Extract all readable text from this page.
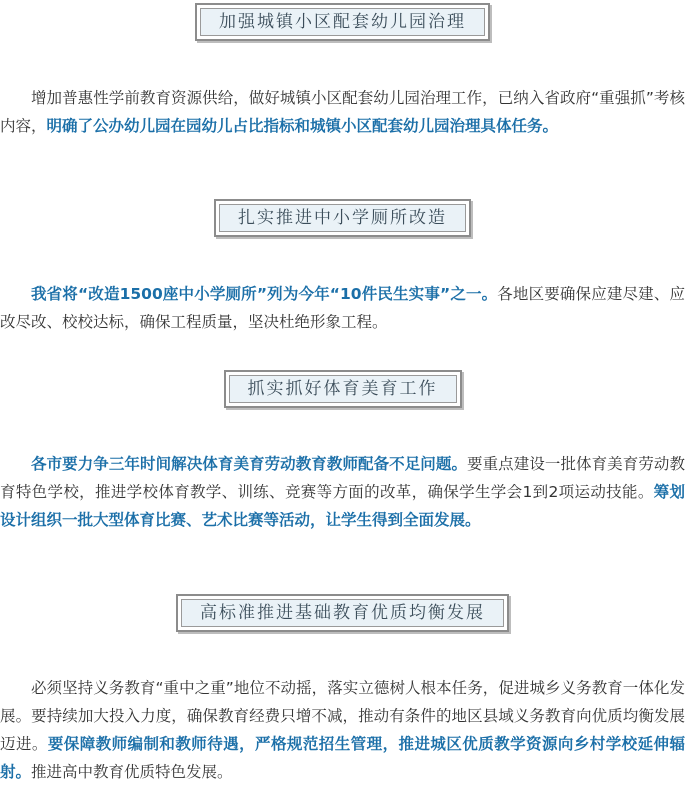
加强城镇小区配套幼儿园治理

增加普惠性学前教育资源供给，做好城镇小区配套幼儿园治理工作，已纳入省政府“重强抓”考核内容，明确了公办幼儿园在园幼儿占比指标和城镇小区配套幼儿园治理具体任务。

扎实推进中小学厕所改造

我省将“改造1500座中小学厕所”列为今年“10件民生实事”之一。各地区要确保应建尽建、应改尽改、校校达标，确保工程质量，坚决杜绝形象工程。

抓实抓好体育美育工作

各市要力争三年时间解决体育美育劳动教育教师配备不足问题。要重点建设一批体育美育劳动教育特色学校，推进学校体育教学、训练、竞赛等方面的改革，确保学生学会1到2项运动技能。筹划设计组织一批大型体育比赛、艺术比赛等活动，让学生得到全面发展。

高标准推进基础教育优质均衡发展

必须坚持义务教育“重中之重”地位不动摇，落实立德树人根本任务，促进城乡义务教育一体化发展。要持续加大投入力度，确保教育经费只增不减，推动有条件的地区县域义务教育向优质均衡发展迈进。要保障教师编制和教师待遇，严格规范招生管理，推进城区优质教学资源向乡村学校延伸辐射。推进高中教育优质特色发展。
